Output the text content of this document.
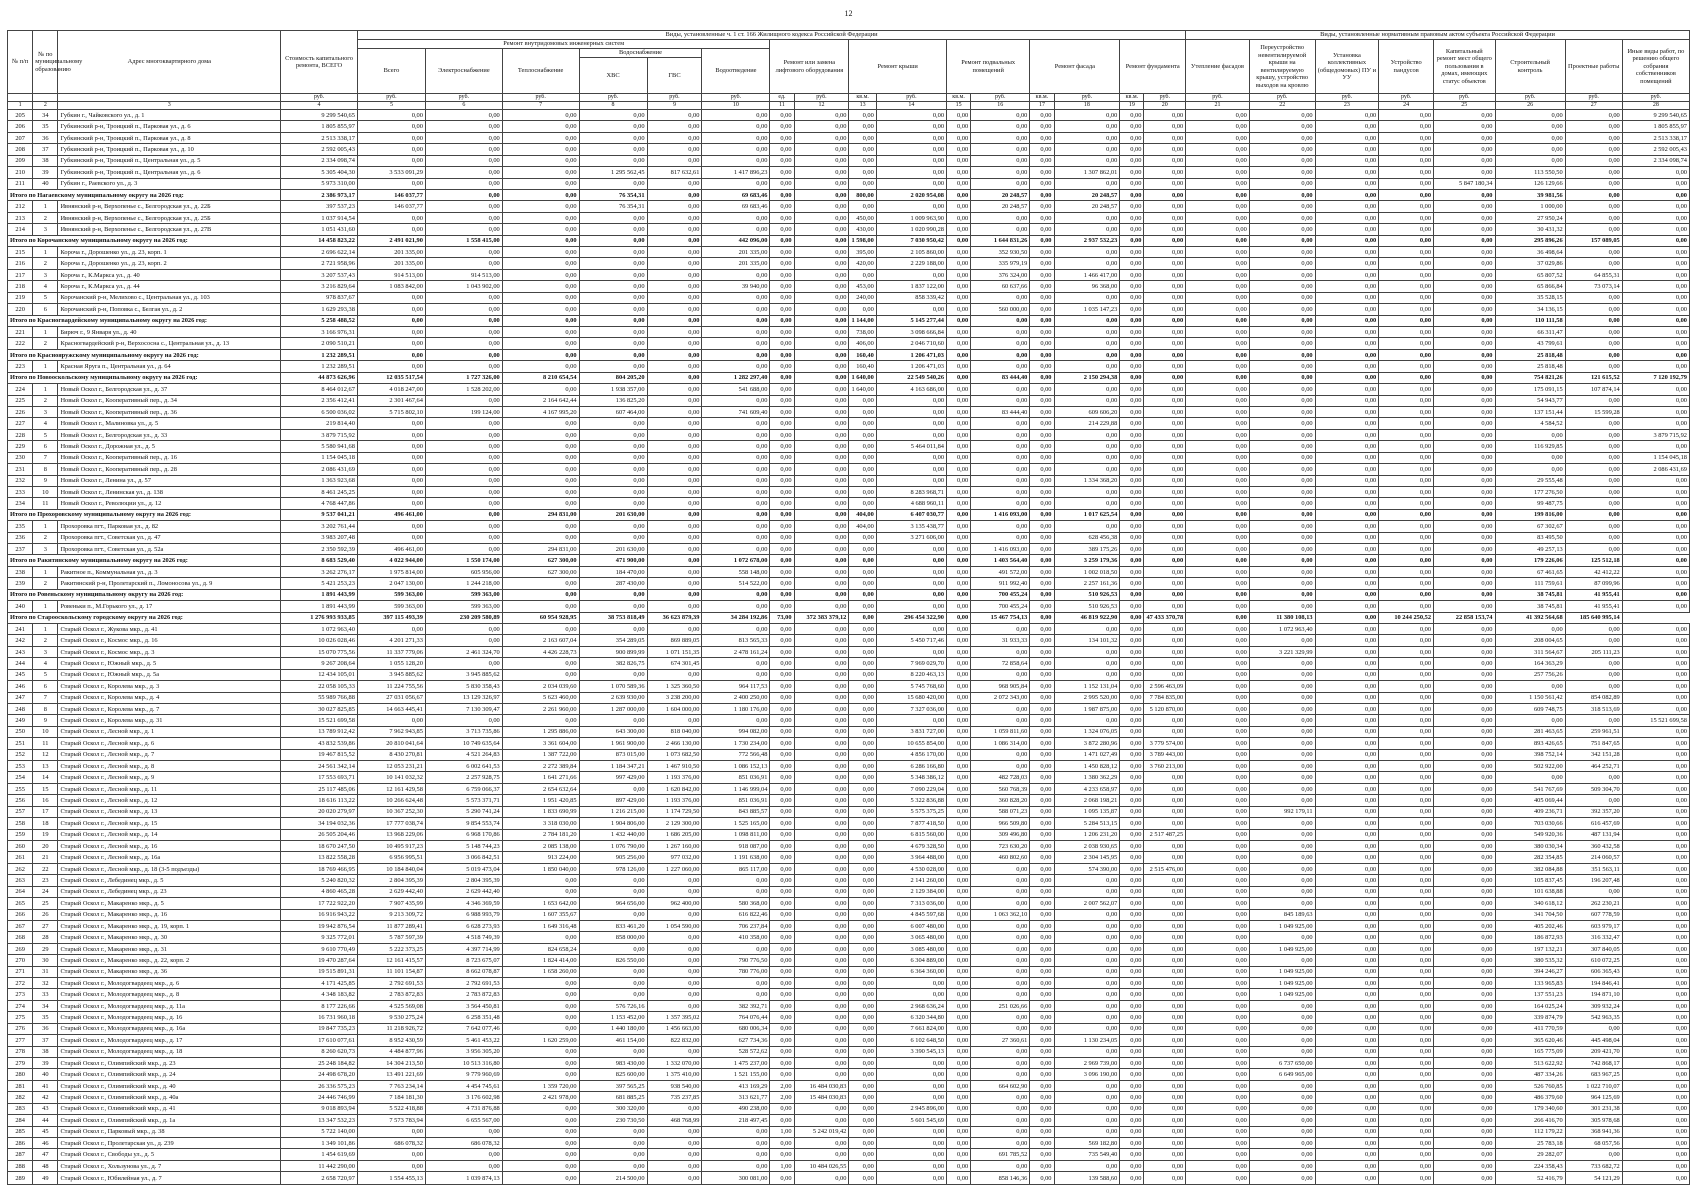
12
№ п/п	№ по муниципальному образованию	Адрес многоквартирного дома	Стоимость капитального ремонта, ВСЕГО	Виды, установленные ч. 1 ст. 166 Жилищного кодекса Российской Федерации																Виды, установленные нормативным правовым актом субъекта Российской Федерации							
				Ремонт внутридомовых инженерных систем						Ремонт или замена лифтового оборудования		Ремонт крыши		Ремонт подвальных помещений		Ремонт фасада		Ремонт фундамента		Утепление фасадов	Переустройство невентилируемой крыши на вентилируемую крышу, устройство выходов на кровлю	Установка коллективных (общедомовых) ПУ и УУ	Устройство пандусов	Капитальный ремонт мест общего пользования в домах, имеющих статус объектов	Строительный контроль	Проектные работы	Иные виды работ, по решению общего собрания собственников помещений
				Всего	Электроснабжение	Теплоснабжение	Водоснабжение		Водоотведение																		
							ХВС	ГВС																			
			руб.	руб.	руб.	руб.	руб.	руб.	руб.	ед.	руб.	кв.м.	руб.	кв.м.	руб.	кв.м.	руб.	кв.м.	руб.	руб.	руб.	руб.	руб.	руб.	руб.	руб.	руб.
1	2	3	4	5	6	7	8	9	10	11	12	13	14	15	16	17	18	19	20	21	22	23	24	25	26	27	28
205	34	Губкин г., Чайковского ул., д. 1	9 299 540,65	0,00	0,00	0,00	0,00	0,00	0,00	0,00	0,00	0,00	0,00	0,00	0,00	0,00	0,00	0,00	0,00	0,00	0,00	0,00	0,00	0,00	0,00	0,00	9 299 540,65
206	35	Губкинский р-н, Троицкий п., Парковая ул., д. 6	1 805 855,97	0,00	0,00	0,00	0,00	0,00	0,00	0,00	0,00	0,00	0,00	0,00	0,00	0,00	0,00	0,00	0,00	0,00	0,00	0,00	0,00	0,00	0,00	0,00	1 805 855,97
207	36	Губкинский р-н, Троицкий п., Парковая ул., д. 8	2 513 338,17	0,00	0,00	0,00	0,00	0,00	0,00	0,00	0,00	0,00	0,00	0,00	0,00	0,00	0,00	0,00	0,00	0,00	0,00	0,00	0,00	0,00	0,00	0,00	2 513 338,17
208	37	Губкинский р-н, Троицкий п., Парковая ул., д. 10	2 592 005,43	0,00	0,00	0,00	0,00	0,00	0,00	0,00	0,00	0,00	0,00	0,00	0,00	0,00	0,00	0,00	0,00	0,00	0,00	0,00	0,00	0,00	0,00	0,00	2 592 005,43
209	38	Губкинский р-н, Троицкий п., Центральная ул., д. 5	2 334 098,74	0,00	0,00	0,00	0,00	0,00	0,00	0,00	0,00	0,00	0,00	0,00	0,00	0,00	0,00	0,00	0,00	0,00	0,00	0,00	0,00	0,00	0,00	0,00	2 334 098,74
210	39	Губкинский р-н, Троицкий п., Центральная ул., д. 6	5 305 404,30	3 533 091,29	0,00	0,00	1 295 562,45	817 632,61	1 417 896,23	0,00	0,00	0,00	0,00	0,00	0,00	0,00	1 307 862,01	0,00	0,00	0,00	0,00	0,00	0,00	0,00	113 550,50	0,00	0,00
211	40	Губкин г., Раевского ул., д. 3	5 973 310,00	0,00	0,00	0,00	0,00	0,00	0,00	0,00	0,00	0,00	0,00	0,00	0,00	0,00	0,00	0,00	0,00	0,00	0,00	0,00	0,00	5 847 180,34	126 129,66	0,00	0,00
Итого по Нагаевскому муниципальному округу на 2026 год:			2 386 973,17	146 037,77	0,00	0,00	76 354,31	0,00	69 683,46	0,00	0,00	800,00	2 020 954,08	0,00	20 248,57	0,00	20 248,57	0,00	0,00	0,00	0,00	0,00	0,00	0,00	39 981,56	0,00	0,00
212	1	Ивнянский р-н, Верхопенье с., Белгородская ул., д. 22Б	397 537,23	146 037,77	0,00	0,00	76 354,31	0,00	69 683,46	0,00	0,00	0,00	0,00	0,00	20 248,57	0,00	20 248,57	0,00	0,00	0,00	0,00	0,00	0,00	0,00	1 000,00	0,00	0,00
213	2	Ивнянский р-н, Верхопенье с., Белгородская ул., д. 25Б	1 037 914,54	0,00	0,00	0,00	0,00	0,00	0,00	0,00	0,00	450,00	1 009 963,90	0,00	0,00	0,00	0,00	0,00	0,00	0,00	0,00	0,00	0,00	0,00	27 950,24	0,00	0,00
214	3	Ивнянский р-н, Верхопенье с., Белгородская ул., д. 27В	1 051 431,60	0,00	0,00	0,00	0,00	0,00	0,00	0,00	0,00	430,00	1 020 990,28	0,00	0,00	0,00	0,00	0,00	0,00	0,00	0,00	0,00	0,00	0,00	30 431,32	0,00	0,00
Итого по Корочанскому муниципальному округу на 2026 год:			14 458 823,22	2 491 021,90	1 558 415,00	0,00	0,00	0,00	442 096,00	0,00	0,00	1 598,00	7 030 950,42	0,00	1 644 831,26	0,00	2 937 532,23	0,00	0,00	0,00	0,00	0,00	0,00	0,00	295 896,26	157 089,05	0,00
215	1	Короча г., Дорошенко ул., д. 23, корп. 1	2 696 622,14	201 335,00	0,00	0,00	0,00	0,00	201 335,00	0,00	0,00	395,00	2 105 860,00	0,00	352 930,50	0,00	0,00	0,00	0,00	0,00	0,00	0,00	0,00	0,00	36 498,64	0,00	0,00
216	2	Короча г., Дорошенко ул., д. 23, корп. 2	2 721 958,96	201 335,00	0,00	0,00	0,00	0,00	201 335,00	0,00	0,00	420,00	2 229 188,00	0,00	335 979,19	0,00	0,00	0,00	0,00	0,00	0,00	0,00	0,00	0,00	37 029,86	0,00	0,00
217	3	Короча г., К.Маркса ул., д. 40	3 207 537,43	914 513,00	914 513,00	0,00	0,00	0,00	0,00	0,00	0,00	0,00	0,00	0,00	376 324,00	0,00	1 466 417,00	0,00	0,00	0,00	0,00	0,00	0,00	0,00	65 807,52	64 855,31	0,00
218	4	Короча г., К.Маркса ул., д. 44	3 216 829,64	1 083 842,00	1 043 902,00	0,00	0,00	0,00	39 940,00	0,00	0,00	453,00	1 837 122,00	0,00	60 637,66	0,00	96 368,00	0,00	0,00	0,00	0,00	0,00	0,00	0,00	65 866,84	73 073,14	0,00
219	5	Корочанский р-н, Мелихово с., Центральная ул., д. 103	978 837,67	0,00	0,00	0,00	0,00	0,00	0,00	0,00	0,00	240,00	858 339,42	0,00	0,00	0,00	0,00	0,00	0,00	0,00	0,00	0,00	0,00	0,00	35 528,15	0,00	0,00
220	6	Корочанский р-н, Поповка с., Белгая ул., д. 2	1 629 293,38	0,00	0,00	0,00	0,00	0,00	0,00	0,00	0,00	0,00	0,00	0,00	560 000,00	0,00	1 035 147,23	0,00	0,00	0,00	0,00	0,00	0,00	0,00	34 136,15	0,00	0,00
Итого по Красногвардейскому муниципальному округу на 2026 год:			5 258 488,52	0,00	0,00	0,00	0,00	0,00	0,00	0,00	0,00	1 144,00	5 145 277,44	0,00	0,00	0,00	0,00	0,00	0,00	0,00	0,00	0,00	0,00	0,00	110 111,58	0,00	0,00
221	1	Бирюч г., 9 Января ул., д. 40	3 166 976,31	0,00	0,00	0,00	0,00	0,00	0,00	0,00	0,00	738,00	3 098 666,84	0,00	0,00	0,00	0,00	0,00	0,00	0,00	0,00	0,00	0,00	0,00	66 311,47	0,00	0,00
222	2	Красногвардейский р-н, Верхососна с., Центральная ул., д. 13	2 090 510,21	0,00	0,00	0,00	0,00	0,00	0,00	0,00	0,00	406,00	2 046 710,60	0,00	0,00	0,00	0,00	0,00	0,00	0,00	0,00	0,00	0,00	0,00	43 799,61	0,00	0,00
Итого по Краснояружскому муниципальному округу на 2026 год:			1 232 289,51	0,00	0,00	0,00	0,00	0,00	0,00	0,00	0,00	160,40	1 206 471,03	0,00	0,00	0,00	0,00	0,00	0,00	0,00	0,00	0,00	0,00	0,00	25 818,48	0,00	0,00
223	1	Красная Яруга п., Центральная ул., д. 64	1 232 289,51	0,00	0,00	0,00	0,00	0,00	0,00	0,00	0,00	160,40	1 206 471,03	0,00	0,00	0,00	0,00	0,00	0,00	0,00	0,00	0,00	0,00	0,00	25 818,48	0,00	0,00
Итого по Новооскольскому муниципальному округу на 2026 год:			44 873 626,96	12 035 517,54	1 727 326,00	8 210 654,54	804 205,20	0,00	1 282 297,40	0,00	0,00	1 640,00	22 549 540,26	0,00	83 444,40	0,00	2 150 294,38	0,00	0,00	0,00	0,00	0,00	0,00	0,00	754 821,26	121 615,52	7 120 192,79
224	1	Новый Оскол г., Белгородская ул., д. 37	8 464 012,67	4 018 247,00	1 528 202,00	0,00	1 938 357,00	0,00	541 688,00	0,00	0,00	1 640,00	4 163 686,00	0,00	0,00	0,00	0,00	0,00	0,00	0,00	0,00	0,00	0,00	0,00	175 091,15	107 874,14	0,00
225	2	Новый Оскол г., Кооперативный пер., д. 34	2 356 412,41	2 301 467,64	0,00	2 164 642,44	136 825,20	0,00	0,00	0,00	0,00	0,00	0,00	0,00	0,00	0,00	0,00	0,00	0,00	0,00	0,00	0,00	0,00	0,00	54 943,77	0,00	0,00
226	3	Новый Оскол г., Кооперативный пер., д. 36	6 500 036,02	5 715 802,10	199 124,00	4 167 995,20	607 464,00	0,00	741 609,40	0,00	0,00	0,00	0,00	0,00	83 444,40	0,00	609 606,20	0,00	0,00	0,00	0,00	0,00	0,00	0,00	137 151,44	15 599,28	0,00
227	4	Новый Оскол г., Малиновка ул., д. 5	219 814,40	0,00	0,00	0,00	0,00	0,00	0,00	0,00	0,00	0,00	0,00	0,00	0,00	0,00	214 229,88	0,00	0,00	0,00	0,00	0,00	0,00	0,00	4 584,52	0,00	0,00
228	5	Новый Оскол г., Белгородская ул., д. 33	3 879 715,92	0,00	0,00	0,00	0,00	0,00	0,00	0,00	0,00	0,00	0,00	0,00	0,00	0,00	0,00	0,00	0,00	0,00	0,00	0,00	0,00	0,00	0,00	0,00	3 879 715,92
229	6	Новый Оскол г., Дорожная ул., д. 5	5 580 941,68	0,00	0,00	0,00	0,00	0,00	0,00	0,00	0,00	0,00	5 464 011,84	0,00	0,00	0,00	0,00	0,00	0,00	0,00	0,00	0,00	0,00	0,00	116 929,85	0,00	0,00
230	7	Новый Оскол г., Кооперативный пер., д. 16	1 154 045,18	0,00	0,00	0,00	0,00	0,00	0,00	0,00	0,00	0,00	0,00	0,00	0,00	0,00	0,00	0,00	0,00	0,00	0,00	0,00	0,00	0,00	0,00	0,00	1 154 045,18
231	8	Новый Оскол г., Кооперативный пер., д. 28	2 086 431,69	0,00	0,00	0,00	0,00	0,00	0,00	0,00	0,00	0,00	0,00	0,00	0,00	0,00	0,00	0,00	0,00	0,00	0,00	0,00	0,00	0,00	0,00	0,00	2 086 431,69
232	9	Новый Оскол г., Ленина ул., д. 57	1 363 923,68	0,00	0,00	0,00	0,00	0,00	0,00	0,00	0,00	0,00	0,00	0,00	0,00	0,00	1 334 368,20	0,00	0,00	0,00	0,00	0,00	0,00	0,00	29 555,48	0,00	0,00
233	10	Новый Оскол г., Ленинская ул., д. 138	8 461 245,25	0,00	0,00	0,00	0,00	0,00	0,00	0,00	0,00	0,00	8 283 968,71	0,00	0,00	0,00	0,00	0,00	0,00	0,00	0,00	0,00	0,00	0,00	177 276,50	0,00	0,00
234	11	Новый Оскол г., Революции ул., д. 12	4 768 447,86	0,00	0,00	0,00	0,00	0,00	0,00	0,00	0,00	0,00	4 688 960,11	0,00	0,00	0,00	0,00	0,00	0,00	0,00	0,00	0,00	0,00	0,00	99 487,75	0,00	0,00
Итого по Прохоровскому муниципальному округу на 2026 год:			9 537 041,21	496 461,00	0,00	294 831,00	201 630,00	0,00	0,00	0,00	0,00	404,00	6 407 030,77	0,00	1 416 093,00	0,00	1 017 625,54	0,00	0,00	0,00	0,00	0,00	0,00	0,00	199 816,00	0,00	0,00
235	1	Прохоровка пгт., Парковая ул., д. 82	3 202 761,44	0,00	0,00	0,00	0,00	0,00	0,00	0,00	0,00	404,00	3 135 438,77	0,00	0,00	0,00	0,00	0,00	0,00	0,00	0,00	0,00	0,00	0,00	67 302,67	0,00	0,00
236	2	Прохоровка пгт., Советская ул., д. 47	3 983 207,48	0,00	0,00	0,00	0,00	0,00	0,00	0,00	0,00	0,00	3 271 606,00	0,00	0,00	0,00	628 456,38	0,00	0,00	0,00	0,00	0,00	0,00	0,00	83 495,50	0,00	0,00
237	3	Прохоровка пгт., Советская ул., д. 52а	2 350 592,39	496 461,00	0,00	294 831,00	201 630,00	0,00	0,00	0,00	0,00	0,00	0,00	0,00	1 416 093,00	0,00	389 175,26	0,00	0,00	0,00	0,00	0,00	0,00	0,00	49 257,13	0,00	0,00
Итого по Ракитянскому муниципальному округу на 2026 год:			8 683 529,40	4 022 944,00	1 550 174,00	627 300,00	471 900,00	0,00	1 072 678,00	0,00	0,00	0,00	0,00	0,00	1 403 564,40	0,00	3 259 179,36	0,00	0,00	0,00	0,00	0,00	0,00	0,00	179 226,06	125 512,18	0,00
238	1	Ракитное п., Коммунальная ул., д. 3	3 262 276,17	1 975 814,00	605 956,00	627 300,00	184 470,00	0,00	558 148,00	0,00	0,00	0,00	0,00	0,00	491 572,00	0,00	1 002 018,50	0,00	0,00	0,00	0,00	0,00	0,00	0,00	67 461,65	42 412,22	0,00
239	2	Ракитянский р-н, Пролетарский п., Ломоносова ул., д. 9	5 421 253,23	2 047 130,00	1 244 218,00	0,00	287 430,00	0,00	514 522,00	0,00	0,00	0,00	0,00	0,00	911 992,40	0,00	2 257 161,36	0,00	0,00	0,00	0,00	0,00	0,00	0,00	111 759,61	87 099,96	0,00
Итого по Ровеньскому муниципальному округу на 2026 год:			1 891 443,99	599 363,00	599 363,00	0,00	0,00	0,00	0,00	0,00	0,00	0,00	0,00	0,00	700 455,24	0,00	510 926,53	0,00	0,00	0,00	0,00	0,00	0,00	0,00	38 745,81	41 955,41	0,00
240	1	Ровеньки п., М.Горького ул., д. 17	1 891 443,99	599 363,00	599 363,00	0,00	0,00	0,00	0,00	0,00	0,00	0,00	0,00	0,00	700 455,24	0,00	510 926,53	0,00	0,00	0,00	0,00	0,00	0,00	0,00	38 745,81	41 955,41	0,00
Итого по Старооскольскому городскому округу на 2026 год:			1 276 993 933,85	397 115 493,39	230 209 580,89	60 954 928,95	38 753 818,49	36 623 879,39	34 284 192,86	73,00	372 383 379,12	0,00	296 454 322,90	0,00	15 467 754,13	0,00	46 819 922,90	0,00	47 433 370,78	0,00	11 380 108,13	0,00	10 244 250,52	22 858 153,74	41 392 564,68	185 640 995,14	
241	1	Старый Оскол г., Жукова мкр., д. 41	1 072 963,40	0,00	0,00	0,00	0,00	0,00	0,00	0,00	0,00	0,00	0,00	0,00	0,00	0,00	0,00	0,00	0,00	0,00	1 072 963,40	0,00	0,00	0,00	0,00	0,00	0,00
242	2	Старый Оскол г., Космос мкр., д. 16	10 026 028,46	4 201 271,33	0,00	2 163 607,04	354 289,05	869 889,05	813 565,33	0,00	0,00	0,00	5 450 717,46	0,00	31 933,33	0,00	134 101,32	0,00	0,00	0,00	0,00	0,00	0,00	0,00	208 004,65	0,00	0,00
243	3	Старый Оскол г., Космос мкр., д. 3	15 070 775,56	11 337 779,06	2 461 324,70	4 426 228,73	900 899,99	1 071 151,35	2 478 161,24	0,00	0,00	0,00	0,00	0,00	0,00	0,00	0,00	0,00	0,00	0,00	3 221 329,99	0,00	0,00	0,00	311 564,67	205 111,23	0,00
244	4	Старый Оскол г., Южный мкр., д. 5	9 267 208,64	1 055 128,20	0,00	0,00	382 826,75	674 301,45	0,00	0,00	0,00	0,00	7 969 029,70	0,00	72 858,64	0,00	0,00	0,00	0,00	0,00	0,00	0,00	0,00	0,00	164 363,29	0,00	0,00
245	5	Старый Оскол г., Южный мкр., д. 5а	12 434 105,01	3 945 885,62	3 945 885,62	0,00	0,00	0,00	0,00	0,00	0,00	0,00	8 220 463,13	0,00	0,00	0,00	0,00	0,00	0,00	0,00	0,00	0,00	0,00	0,00	257 756,26	0,00	0,00
246	6	Старый Оскол г., Королева мкр., д. 3	22 058 105,33	11 224 755,56	5 830 358,43	2 034 039,60	1 070 589,36	1 325 360,50	964 117,53	0,00	0,00	0,00	5 745 768,60	0,00	968 905,84	0,00	1 152 131,04	0,00	2 596 463,09	0,00	0,00	0,00	0,00	0,00	0,00	0,00	0,00
247	7	Старый Оскол г., Королева мкр., д. 4	55 989 766,88	27 031 056,67	13 129 326,97	5 623 460,00	2 639 930,00	3 238 200,00	2 400 250,00	0,00	0,00	0,00	15 680 420,00	0,00	2 072 343,00	0,00	2 995 520,00	0,00	7 784 835,00	0,00	0,00	0,00	0,00	0,00	1 150 561,42	854 082,89	0,00
248	8	Старый Оскол г., Королева мкр., д. 7	30 027 825,85	14 663 445,41	7 130 309,47	2 261 960,00	1 287 000,00	1 604 000,00	1 180 176,00	0,00	0,00	0,00	7 327 036,00	0,00	0,00	0,00	1 987 875,00	0,00	5 120 870,00	0,00	0,00	0,00	0,00	0,00	609 748,75	318 513,69	0,00
249	9	Старый Оскол г., Королева мкр., д. 31	15 521 699,58	0,00	0,00	0,00	0,00	0,00	0,00	0,00	0,00	0,00	0,00	0,00	0,00	0,00	0,00	0,00	0,00	0,00	0,00	0,00	0,00	0,00	0,00	0,00	15 521 699,58
250	10	Старый Оскол г., Лесной мкр., д. 1	13 789 912,42	7 962 943,85	3 713 735,86	1 295 886,00	643 300,00	818 040,00	994 082,00	0,00	0,00	0,00	3 831 727,00	0,00	1 059 811,60	0,00	1 324 076,05	0,00	0,00	0,00	0,00	0,00	0,00	0,00	281 463,65	259 961,51	0,00
251	11	Старый Оскол г., Лесной мкр., д. 6	43 832 539,86	20 810 041,64	10 749 635,64	3 361 604,00	1 961 900,00	2 466 130,00	1 730 234,00	0,00	0,00	0,00	10 655 854,00	0,00	1 086 314,00	0,00	3 872 280,96	0,00	3 779 574,00	0,00	0,00	0,00	0,00	0,00	893 426,65	751 847,65	0,00
252	12	Старый Оскол г., Лесной мкр., д. 7	19 467 815,52	8 430 270,81	4 521 264,83	1 387 722,00	873 015,00	1 073 682,50	772 566,48	0,00	0,00	0,00	4 856 170,00	0,00	0,00	0,00	1 471 027,49	0,00	3 789 443,00	0,00	0,00	0,00	0,00	0,00	398 752,14	342 151,28	0,00
253	13	Старый Оскол г., Лесной мкр., д. 8	24 561 342,14	12 053 231,21	6 002 641,53	2 272 389,84	1 184 347,21	1 467 910,50	1 086 152,13	0,00	0,00	0,00	6 286 166,80	0,00	0,00	0,00	1 450 828,12	0,00	3 760 213,00	0,00	0,00	0,00	0,00	0,00	502 922,00	464 252,71	0,00
254	14	Старый Оскол г., Лесной мкр., д. 9	17 553 693,71	10 141 032,32	2 257 928,75	1 641 271,66	997 429,00	1 193 376,00	851 036,91	0,00	0,00	0,00	5 348 386,12	0,00	482 728,03	0,00	1 380 362,29	0,00	0,00	0,00	0,00	0,00	0,00	0,00	0,00	0,00	0,00
255	15	Старый Оскол г., Лесной мкр., д. 11	25 117 485,06	12 161 429,58	6 759 066,37	2 654 632,64	0,00	1 620 842,00	1 146 999,04	0,00	0,00	0,00	7 090 229,04	0,00	560 768,39	0,00	4 233 658,97	0,00	0,00	0,00	0,00	0,00	0,00	0,00	541 767,69	509 304,70	0,00
256	16	Старый Оскол г., Лесной мкр., д. 12	18 616 113,22	10 266 624,48	5 573 371,71	1 951 420,85	897 429,00	1 193 376,00	851 036,91	0,00	0,00	0,00	5 322 836,88	0,00	360 828,20	0,00	2 068 198,21	0,00	0,00	0,00	0,00	0,00	0,00	0,00	405 069,44	0,00	0,00
257	17	Старый Оскол г., Лесной мкр., д. 13	20 020 279,97	10 367 252,30	5 290 741,24	1 833 690,99	1 216 215,00	1 174 729,50	843 885,57	0,00	0,00	0,00	5 575 375,25	0,00	588 071,23	0,00	1 095 135,87	0,00	0,00	0,00	992 179,11	0,00	0,00	0,00	409 236,71	392 357,20	0,00
258	18	Старый Оскол г., Лесной мкр., д. 15	34 194 032,36	17 777 038,74	9 854 553,74	3 318 030,00	1 904 806,00	2 129 300,00	1 525 165,00	0,00	0,00	0,00	7 877 418,50	0,00	966 509,80	0,00	5 284 513,15	0,00	0,00	0,00	0,00	0,00	0,00	0,00	703 030,66	616 457,69	0,00
259	19	Старый Оскол г., Лесной мкр., д. 14	26 505 204,46	13 968 229,06	6 968 170,86	2 784 181,20	1 432 440,00	1 686 205,00	1 098 811,00	0,00	0,00	0,00	6 815 560,00	0,00	309 496,80	0,00	1 206 231,20	0,00	2 517 487,25	0,00	0,00	0,00	0,00	0,00	549 920,36	487 131,94	0,00
260	20	Старый Оскол г., Лесной мкр., д. 16	18 670 247,50	10 495 917,23	5 148 744,23	2 085 138,00	1 076 790,00	1 267 160,00	918 087,00	0,00	0,00	0,00	4 679 328,50	0,00	723 630,20	0,00	2 038 930,65	0,00	0,00	0,00	0,00	0,00	0,00	0,00	380 030,34	360 432,58	0,00
261	21	Старый Оскол г., Лесной мкр., д. 16а	13 822 558,28	6 956 995,51	3 066 842,51	913 224,00	905 256,00	977 032,00	1 191 638,00	0,00	0,00	0,00	3 964 488,00	0,00	460 802,60	0,00	2 304 145,95	0,00	0,00	0,00	0,00	0,00	0,00	0,00	282 354,85	214 060,57	0,00
262	22	Старый Оскол г., Лесной мкр., д. 18 (3-5 подъезды)	18 769 466,95	10 184 840,04	5 019 473,04	1 850 040,00	978 126,00	1 227 060,00	865 117,00	0,00	0,00	0,00	4 530 028,00	0,00	0,00	0,00	574 390,00	0,00	2 515 476,00	0,00	0,00	0,00	0,00	0,00	382 084,88	351 563,11	0,00
263	23	Старый Оскол г., Лебединец мкр., д. 5	5 240 820,32	2 804 395,39	2 804 395,39	0,00	0,00	0,00	0,00	0,00	0,00	0,00	2 141 260,00	0,00	0,00	0,00	0,00	0,00	0,00	0,00	0,00	0,00	0,00	0,00	105 837,45	196 207,48	0,00
264	24	Старый Оскол г., Лебединец мкр., д. 23	4 860 465,28	2 629 442,40	2 629 442,40	0,00	0,00	0,00	0,00	0,00	0,00	0,00	2 129 384,00	0,00	0,00	0,00	0,00	0,00	0,00	0,00	0,00	0,00	0,00	0,00	101 638,88	0,00	0,00
265	25	Старый Оскол г., Макаренко мкр., д. 5	17 722 922,20	7 907 435,99	4 346 369,59	1 653 642,00	964 656,00	962 400,00	580 368,00	0,00	0,00	0,00	7 313 036,00	0,00	0,00	0,00	2 007 562,07	0,00	0,00	0,00	0,00	0,00	0,00	0,00	340 618,12	262 230,21	0,00
266	26	Старый Оскол г., Макаренко мкр., д. 16	16 916 943,22	9 213 309,72	6 988 993,79	1 607 355,67	0,00	0,00	616 822,46	0,00	0,00	0,00	4 845 597,68	0,00	1 063 362,10	0,00	0,00	0,00	0,00	0,00	845 189,63	0,00	0,00	0,00	341 704,50	607 778,59	0,00
267	27	Старый Оскол г., Макаренко мкр., д. 19, корп. 1	19 942 876,54	11 877 289,41	6 628 273,93	1 649 316,48	833 461,20	1 054 590,00	706 237,84	0,00	0,00	0,00	6 007 480,00	0,00	0,00	0,00	0,00	0,00	0,00	0,00	1 049 925,00	0,00	0,00	0,00	405 202,46	603 979,17	0,00
268	28	Старый Оскол г., Макаренко мкр., д. 30	9 325 772,01	5 787 597,39	4 518 749,39	0,00	858 000,00	0,00	410 358,00	0,00	0,00	0,00	3 065 480,00	0,00	0,00	0,00	0,00	0,00	0,00	0,00	0,00	0,00	0,00	0,00	186 872,93	316 332,47	0,00
269	29	Старый Оскол г., Макаренко мкр., д. 31	9 610 770,49	5 222 373,25	4 397 714,99	824 658,24	0,00	0,00	0,00	0,00	0,00	0,00	3 085 480,00	0,00	0,00	0,00	0,00	0,00	0,00	0,00	1 049 925,00	0,00	0,00	0,00	197 132,21	307 840,05	0,00
270	30	Старый Оскол г., Макаренко мкр., д. 22, корп. 2	19 470 287,64	12 161 415,57	8 723 675,07	1 824 414,00	826 550,00	0,00	790 776,50	0,00	0,00	0,00	6 304 889,00	0,00	0,00	0,00	0,00	0,00	0,00	0,00	0,00	0,00	0,00	0,00	380 535,32	610 072,25	0,00
271	31	Старый Оскол г., Макаренко мкр., д. 36	19 515 891,31	11 101 154,87	8 662 078,87	1 658 260,00	0,00	0,00	780 776,00	0,00	0,00	0,00	6 364 360,00	0,00	0,00	0,00	0,00	0,00	0,00	0,00	1 049 925,00	0,00	0,00	0,00	394 246,27	606 365,43	0,00
272	32	Старый Оскол г., Молодогвардеец мкр., д. 6	4 171 425,85	2 792 691,53	2 792 691,53	0,00	0,00	0,00	0,00	0,00	0,00	0,00	0,00	0,00	0,00	0,00	0,00	0,00	0,00	0,00	1 049 925,00	0,00	0,00	0,00	133 965,83	194 846,41	0,00
273	33	Старый Оскол г., Молодогвардеец мкр., д. 8	4 348 183,82	2 783 872,83	2 783 872,83	0,00	0,00	0,00	0,00	0,00	0,00	0,00	0,00	0,00	0,00	0,00	0,00	0,00	0,00	0,00	1 049 925,00	0,00	0,00	0,00	137 551,23	194 871,10	0,00
274	34	Старый Оскол г., Молодогвардеец мкр., д. 11а	8 177 226,66	4 525 569,08	3 564 450,81	0,00	576 726,16	0,00	382 392,71	0,00	0,00	0,00	2 968 636,24	0,00	251 026,66	0,00	0,00	0,00	0,00	0,00	0,00	0,00	0,00	0,00	164 025,24	309 932,24	0,00
275	35	Старый Оскол г., Молодогвардеец мкр., д. 16	16 731 960,18	9 530 275,24	6 258 351,48	0,00	1 153 452,00	1 357 395,02	764 076,44	0,00	0,00	0,00	6 320 344,80	0,00	0,00	0,00	0,00	0,00	0,00	0,00	0,00	0,00	0,00	0,00	339 874,79	542 963,35	0,00
276	36	Старый Оскол г., Молодогвардеец мкр., д. 16а	19 847 735,23	11 218 926,72	7 642 077,46	0,00	1 440 180,00	1 456 663,00	680 006,34	0,00	0,00	0,00	7 661 824,00	0,00	0,00	0,00	0,00	0,00	0,00	0,00	0,00	0,00	0,00	0,00	411 770,59	0,00	0,00
277	37	Старый Оскол г., Молодогвардеец мкр., д. 17	17 610 077,61	8 952 430,59	5 461 453,22	1 620 259,00	461 154,00	822 832,00	627 734,36	0,00	0,00	0,00	6 102 648,50	0,00	27 360,61	0,00	1 130 234,05	0,00	0,00	0,00	0,00	0,00	0,00	0,00	365 620,46	445 498,04	0,00
278	38	Старый Оскол г., Молодогвардеец мкр., д. 18	8 260 620,73	4 484 877,96	3 956 305,20	0,00	0,00	0,00	528 572,62	0,00	0,00	0,00	3 390 545,13	0,00	0,00	0,00	0,00	0,00	0,00	0,00	0,00	0,00	0,00	0,00	165 775,09	209 421,70	0,00
279	39	Старый Оскол г., Олимпийский мкр., д. 23	25 248 184,82	14 304 213,50	10 513 316,80	0,00	983 430,00	1 332 070,00	1 475 237,00	0,00	0,00	0,00	0,00	0,00	0,00	0,00	2 969 739,00	0,00	0,00	0,00	6 737 650,00	0,00	0,00	0,00	513 622,92	742 868,17	0,00
280	40	Старый Оскол г., Олимпийский мкр., д. 24	24 498 678,20	13 491 221,69	9 779 960,69	0,00	825 600,00	1 375 410,00	1 521 155,00	0,00	0,00	0,00	0,00	0,00	0,00	0,00	3 096 190,00	0,00	0,00	0,00	6 649 965,00	0,00	0,00	0,00	487 334,26	683 967,25	0,00
281	41	Старый Оскол г., Олимпийский мкр., д. 40	26 336 575,23	7 763 234,14	4 454 745,61	1 359 720,00	397 565,25	938 540,00	413 169,29	2,00	16 484 030,83	0,00	0,00	0,00	664 602,90	0,00	0,00	0,00	0,00	0,00	0,00	0,00	0,00	0,00	526 760,85	1 022 710,07	0,00
282	42	Старый Оскол г., Олимпийский мкр., д. 40а	24 446 746,99	7 184 181,30	3 176 602,98	2 421 978,00	681 885,25	735 237,85	313 621,77	2,00	15 484 030,83	0,00	0,00	0,00	0,00	0,00	0,00	0,00	0,00	0,00	0,00	0,00	0,00	0,00	486 379,60	964 125,69	0,00
283	43	Старый Оскол г., Олимпийский мкр., д. 41	9 018 893,94	5 522 418,88	4 731 876,88	0,00	300 320,00	0,00	490 238,00	0,00	0,00	0,00	2 945 896,00	0,00	0,00	0,00	0,00	0,00	0,00	0,00	0,00	0,00	0,00	0,00	179 340,60	301 231,38	0,00
284	44	Старый Оскол г., Олимпийский мкр., д. 1а	13 347 532,23	7 573 783,94	6 655 567,00	0,00	230 730,50	468 768,99	218 497,45	0,00	0,00	0,00	5 601 545,69	0,00	0,00	0,00	0,00	0,00	0,00	0,00	0,00	0,00	0,00	0,00	266 416,70	305 978,68	0,00
285	45	Старый Оскол г., Парковый мкр., д. 38	5 722 140,00	0,00	0,00	0,00	0,00	0,00	0,00	1,00	5 242 019,42	0,00	0,00	0,00	0,00	0,00	0,00	0,00	0,00	0,00	0,00	0,00	0,00	0,00	112 179,22	368 941,36	0,00
286	46	Старый Оскол г., Пролетарская ул., д. 239	1 349 101,86	686 078,32	686 078,32	0,00	0,00	0,00	0,00	0,00	0,00	0,00	0,00	0,00	0,00	0,00	569 182,80	0,00	0,00	0,00	0,00	0,00	0,00	0,00	25 783,18	68 057,56	0,00
287	47	Старый Оскол г., Свободы ул., д. 5	1 454 619,69	0,00	0,00	0,00	0,00	0,00	0,00	0,00	0,00	0,00	0,00	0,00	691 785,52	0,00	735 549,40	0,00	0,00	0,00	0,00	0,00	0,00	0,00	29 282,07	0,00	0,00
288	48	Старый Оскол г., Хользунова ул., д. 7	11 442 290,00	0,00	0,00	0,00	0,00	0,00	0,00	1,00	10 484 026,55	0,00	0,00	0,00	0,00	0,00	0,00	0,00	0,00	0,00	0,00	0,00	0,00	0,00	224 358,43	733 682,72	0,00
289	49	Старый Оскол г., Юбилейная ул., д. 7	2 658 720,97	1 554 455,13	1 039 874,13	0,00	214 500,00	0,00	300 081,00	0,00	0,00	0,00	0,00	0,00	858 146,36	0,00	139 588,60	0,00	0,00	0,00	0,00	0,00	0,00	0,00	52 416,79	54 121,29	0,00
